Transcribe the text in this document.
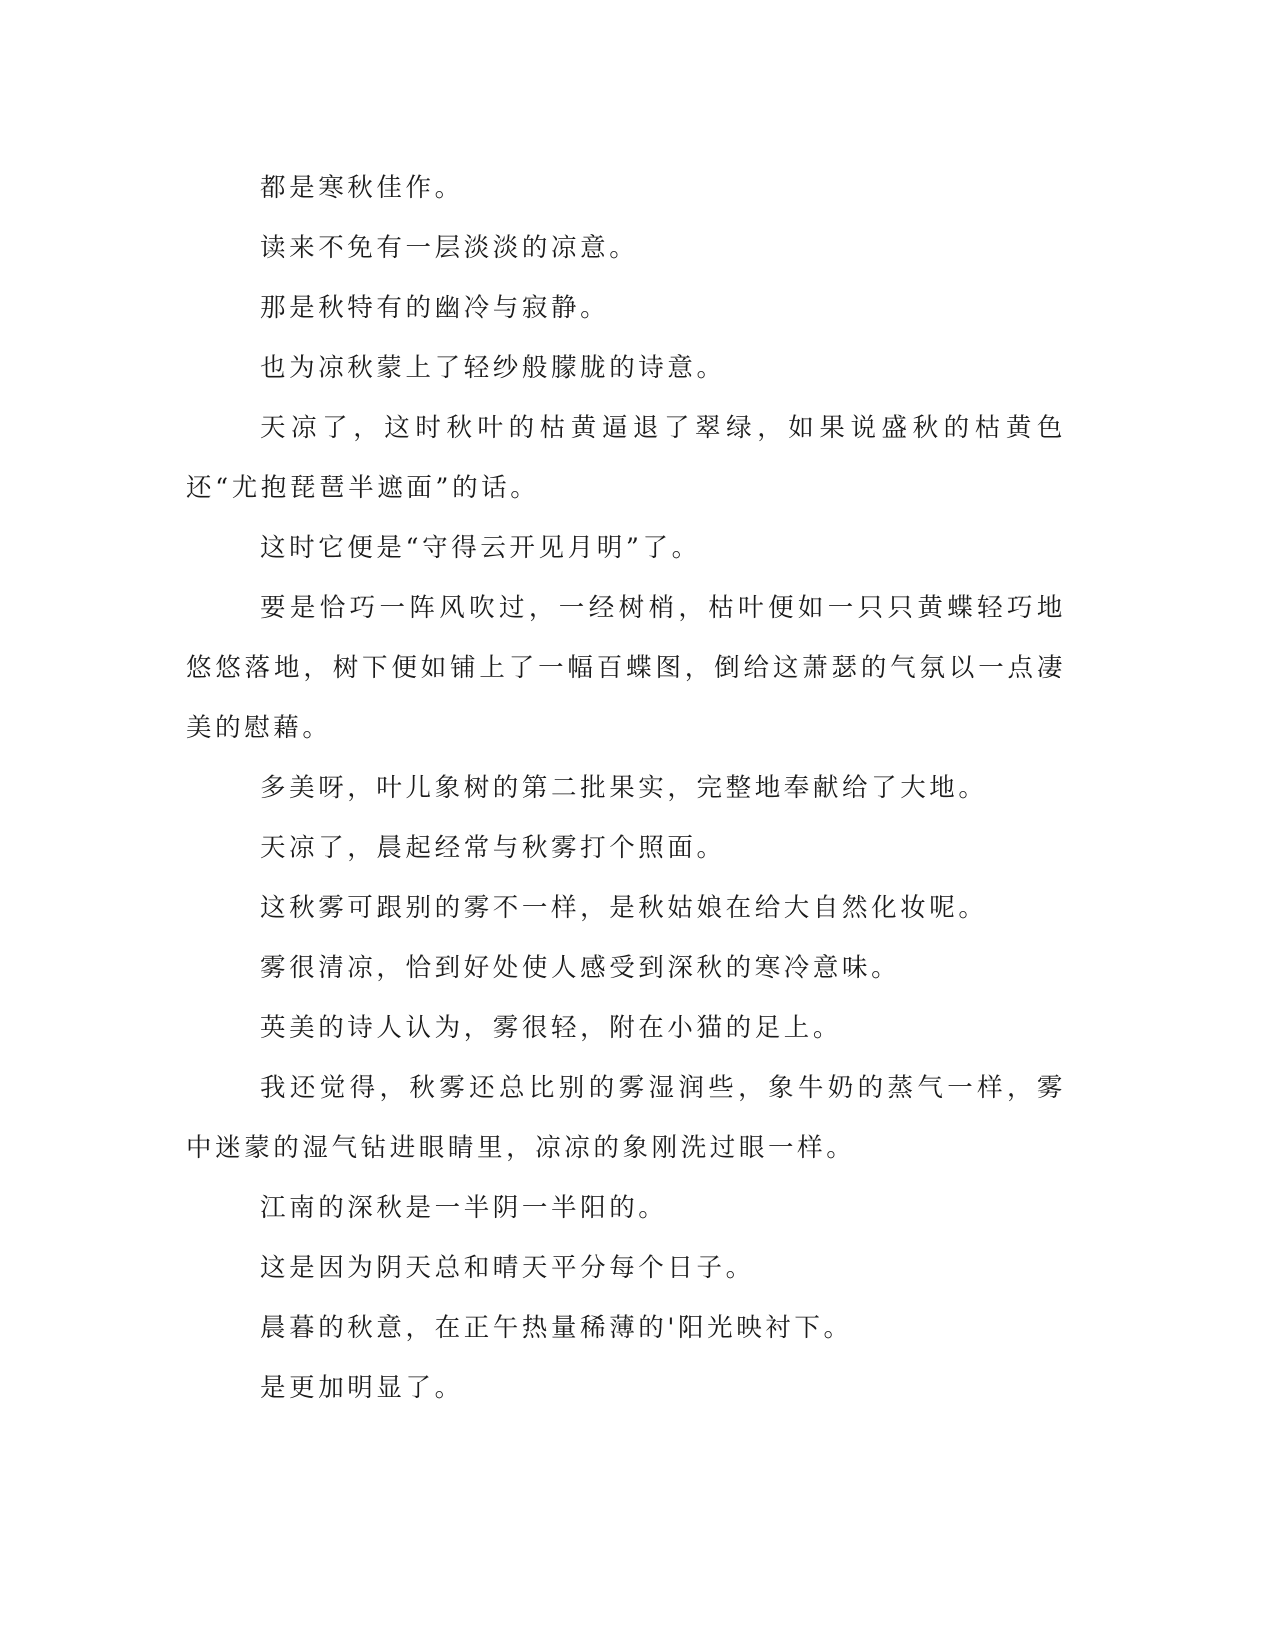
都是寒秋佳作。

读来不免有一层淡淡的凉意。

那是秋特有的幽冷与寂静。

也为凉秋蒙上了轻纱般朦胧的诗意。

天凉了，这时秋叶的枯黄逼退了翠绿，如果说盛秋的枯黄色还“尤抱琵琶半遮面”的话。

这时它便是“守得云开见月明”了。

要是恰巧一阵风吹过，一经树梢，枯叶便如一只只黄蝶轻巧地悠悠落地，树下便如铺上了一幅百蝶图，倒给这萧瑟的气氛以一点凄美的慰藉。

多美呀，叶儿象树的第二批果实，完整地奉献给了大地。

天凉了，晨起经常与秋雾打个照面。

这秋雾可跟别的雾不一样，是秋姑娘在给大自然化妆呢。

雾很清凉，恰到好处使人感受到深秋的寒冷意味。

英美的诗人认为，雾很轻，附在小猫的足上。

我还觉得，秋雾还总比别的雾湿润些，象牛奶的蒸气一样，雾中迷蒙的湿气钻进眼睛里，凉凉的象刚洗过眼一样。

江南的深秋是一半阴一半阳的。

这是因为阴天总和晴天平分每个日子。

晨暮的秋意，在正午热量稀薄的'阳光映衬下。

是更加明显了。
